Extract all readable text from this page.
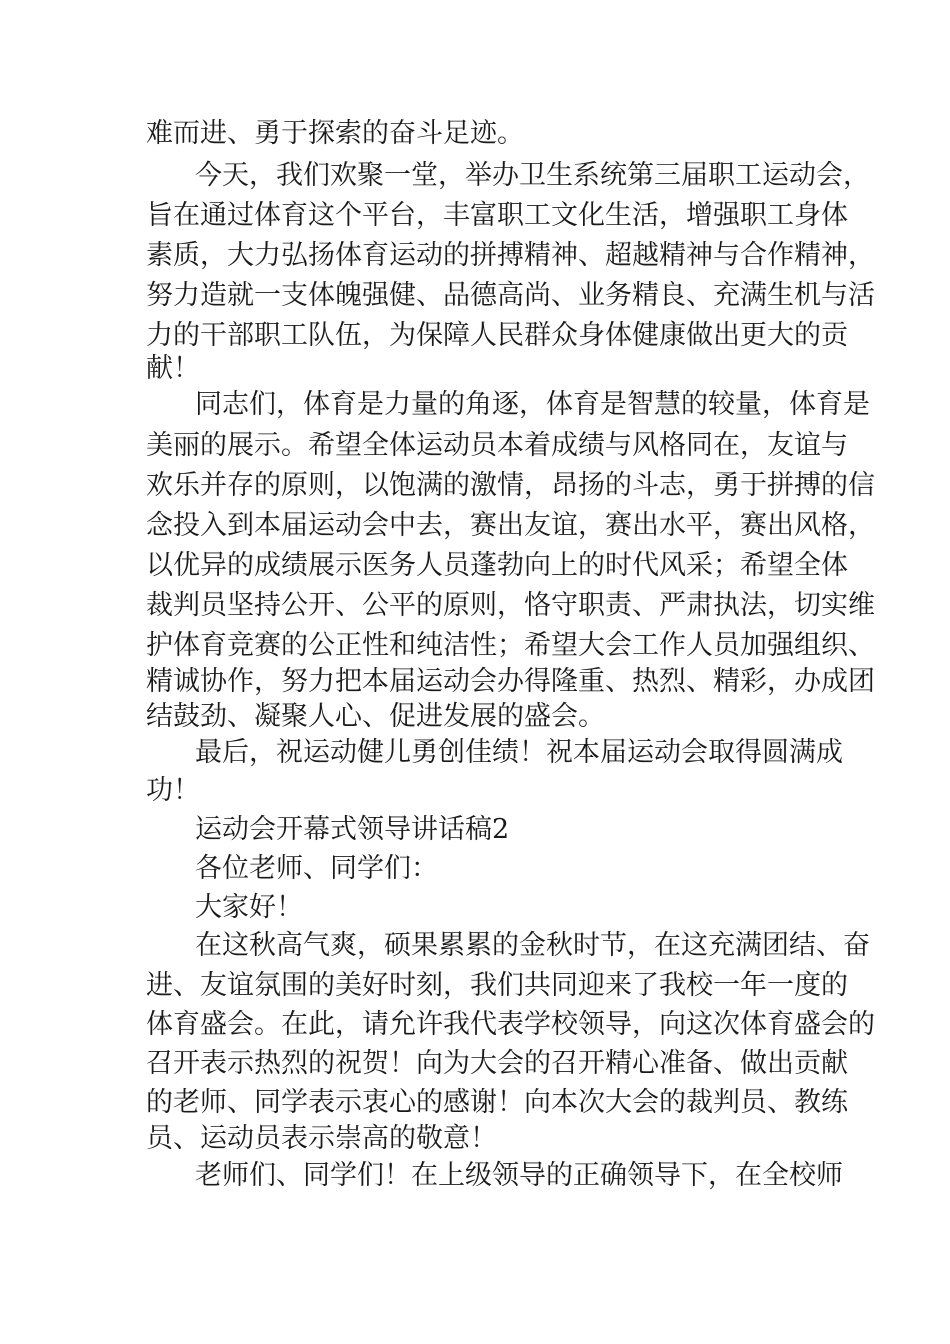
难而进、勇于探索的奋斗足迹。
今天，我们欢聚一堂，举办卫生系统第三届职工运动会，
旨在通过体育这个平台，丰富职工文化生活，增强职工身体
素质，大力弘扬体育运动的拼搏精神、超越精神与合作精神，
努力造就一支体魄强健、品德高尚、业务精良、充满生机与活
力的干部职工队伍，为保障人民群众身体健康做出更大的贡
献！
同志们，体育是力量的角逐，体育是智慧的较量，体育是
美丽的展示。希望全体运动员本着成绩与风格同在，友谊与
欢乐并存的原则，以饱满的激情，昂扬的斗志，勇于拼搏的信
念投入到本届运动会中去，赛出友谊，赛出水平，赛出风格，
以优异的成绩展示医务人员蓬勃向上的时代风采；希望全体
裁判员坚持公开、公平的原则，恪守职责、严肃执法，切实维
护体育竞赛的公正性和纯洁性；希望大会工作人员加强组织、
精诚协作，努力把本届运动会办得隆重、热烈、精彩，办成团
结鼓劲、凝聚人心、促进发展的盛会。
最后，祝运动健儿勇创佳绩！祝本届运动会取得圆满成
功！
运动会开幕式领导讲话稿2
各位老师、同学们：
大家好！
在这秋高气爽，硕果累累的金秋时节，在这充满团结、奋
进、友谊氛围的美好时刻，我们共同迎来了我校一年一度的
体育盛会。在此，请允许我代表学校领导，向这次体育盛会的
召开表示热烈的祝贺！向为大会的召开精心准备、做出贡献
的老师、同学表示衷心的感谢！向本次大会的裁判员、教练
员、运动员表示崇高的敬意！
老师们、同学们！在上级领导的正确领导下，在全校师
